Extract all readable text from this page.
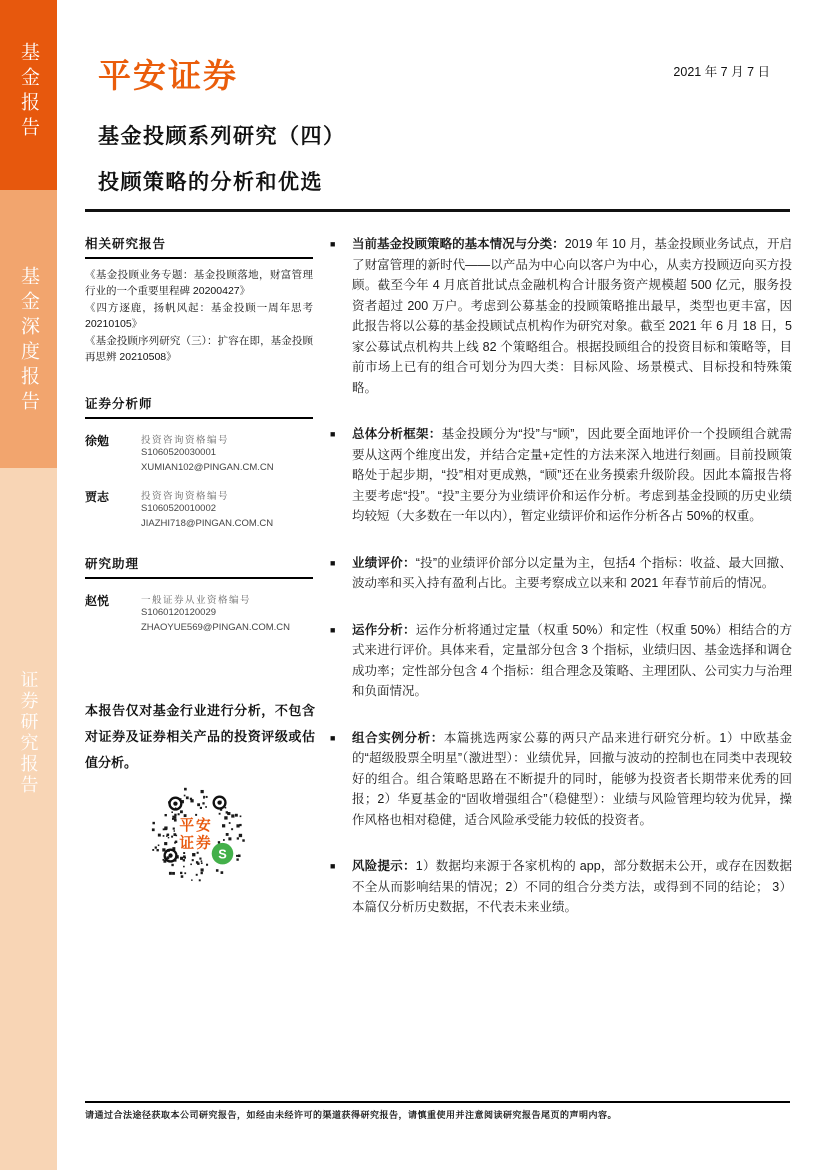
基金报告
基金深度报告
证券研究报告
平安证券	2021 年 7 月 7 日
基金投顾系列研究（四）
投顾策略的分析和优选
相关研究报告
《基金投顾业务专题：基金投顾落地，财富管理行业的一个重要里程碑 20200427》
《四方逐鹿，扬帆风起：基金投顾一周年思考 20210105》
《基金投顾序列研究（三）：扩容在即，基金投顾再思辨 20210508》
证券分析师
徐勉	投资咨询资格编号
S1060520030001
XUMIAN102@PINGAN.CM.CN
贾志	投资咨询资格编号
S1060520010002
JIAZHI718@PINGAN.COM.CN
研究助理
赵悦	一般证券从业资格编号
S1060120120029
ZHAOYUE569@PINGAN.COM.CN
本报告仅对基金行业进行分析，不包含对证券及证券相关产品的投资评级或估值分析。
平安
证券
S
■ 当前基金投顾策略的基本情况与分类：2019 年 10 月，基金投顾业务试点，开启了财富管理的新时代——以产品为中心向以客户为中心，从卖方投顾迈向买方投顾。截至今年 4 月底首批试点金融机构合计服务资产规模超 500 亿元，服务投资者超过 200 万户。考虑到公募基金的投顾策略推出最早，类型也更丰富，因此报告将以公募的基金投顾试点机构作为研究对象。截至 2021 年 6 月 18 日，5 家公募试点机构共上线 82 个策略组合。根据投顾组合的投资目标和策略等，目前市场上已有的组合可划分为四大类：目标风险、场景模式、目标投和特殊策略。

■ 总体分析框架：基金投顾分为“投”与“顾”，因此要全面地评价一个投顾组合就需要从这两个维度出发，并结合定量+定性的方法来深入地进行刻画。目前投顾策略处于起步期，“投”相对更成熟，“顾”还在业务摸索升级阶段。因此本篇报告将主要考虑“投”。“投”主要分为业绩评价和运作分析。考虑到基金投顾的历史业绩均较短（大多数在一年以内），暂定业绩评价和运作分析各占 50%的权重。

■ 业绩评价：“投”的业绩评价部分以定量为主，包括4 个指标：收益、最大回撤、波动率和买入持有盈利占比。主要考察成立以来和 2021 年春节前后的情况。

■ 运作分析：运作分析将通过定量（权重 50%）和定性（权重 50%）相结合的方式来进行评价。具体来看，定量部分包含 3 个指标，业绩归因、基金选择和调仓成功率；定性部分包含 4 个指标：组合理念及策略、主理团队、公司实力与治理和负面情况。

■ 组合实例分析：本篇挑选两家公募的两只产品来进行研究分析。1）中欧基金的“超级股票全明星”（激进型）：业绩优异，回撤与波动的控制也在同类中表现较好的组合。组合策略思路在不断提升的同时，能够为投资者长期带来优秀的回报；2）华夏基金的“固收增强组合”（稳健型）：业绩与风险管理均较为优异，操作风格也相对稳健，适合风险承受能力较低的投资者。

■ 风险提示：1）数据均来源于各家机构的 app，部分数据未公开，或存在因数据不全从而影响结果的情况；2）不同的组合分类方法，或得到不同的结论； 3）本篇仅分析历史数据，不代表未来业绩。

请通过合法途径获取本公司研究报告，如经由未经许可的渠道获得研究报告，请慎重使用并注意阅读研究报告尾页的声明内容。
